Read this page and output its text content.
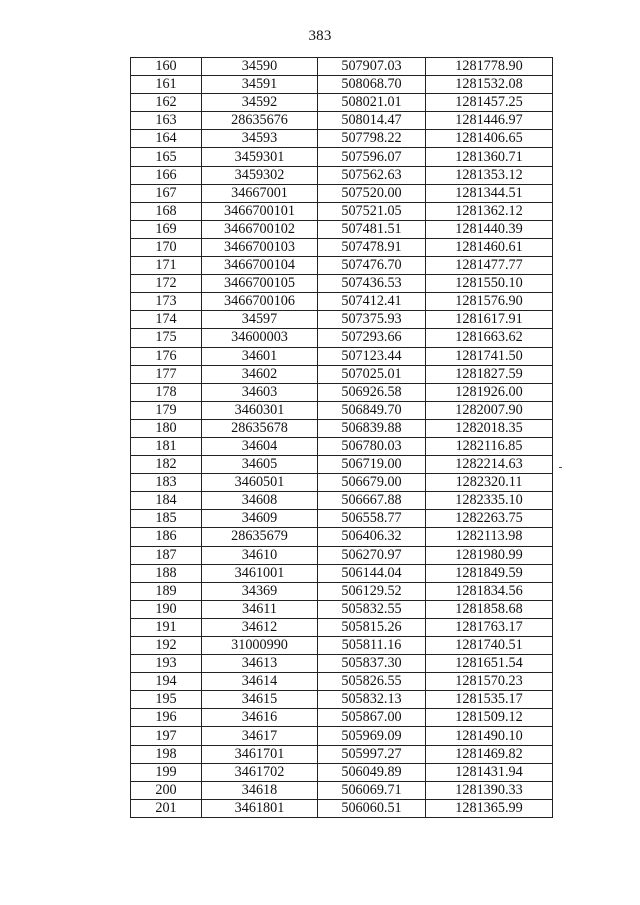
383
160	34590	507907.03	1281778.90
161	34591	508068.70	1281532.08
162	34592	508021.01	1281457.25
163	28635676	508014.47	1281446.97
164	34593	507798.22	1281406.65
165	3459301	507596.07	1281360.71
166	3459302	507562.63	1281353.12
167	34667001	507520.00	1281344.51
168	3466700101	507521.05	1281362.12
169	3466700102	507481.51	1281440.39
170	3466700103	507478.91	1281460.61
171	3466700104	507476.70	1281477.77
172	3466700105	507436.53	1281550.10
173	3466700106	507412.41	1281576.90
174	34597	507375.93	1281617.91
175	34600003	507293.66	1281663.62
176	34601	507123.44	1281741.50
177	34602	507025.01	1281827.59
178	34603	506926.58	1281926.00
179	3460301	506849.70	1282007.90
180	28635678	506839.88	1282018.35
181	34604	506780.03	1282116.85
182	34605	506719.00	1282214.63
183	3460501	506679.00	1282320.11
184	34608	506667.88	1282335.10
185	34609	506558.77	1282263.75
186	28635679	506406.32	1282113.98
187	34610	506270.97	1281980.99
188	3461001	506144.04	1281849.59
189	34369	506129.52	1281834.56
190	34611	505832.55	1281858.68
191	34612	505815.26	1281763.17
192	31000990	505811.16	1281740.51
193	34613	505837.30	1281651.54
194	34614	505826.55	1281570.23
195	34615	505832.13	1281535.17
196	34616	505867.00	1281509.12
197	34617	505969.09	1281490.10
198	3461701	505997.27	1281469.82
199	3461702	506049.89	1281431.94
200	34618	506069.71	1281390.33
201	3461801	506060.51	1281365.99
